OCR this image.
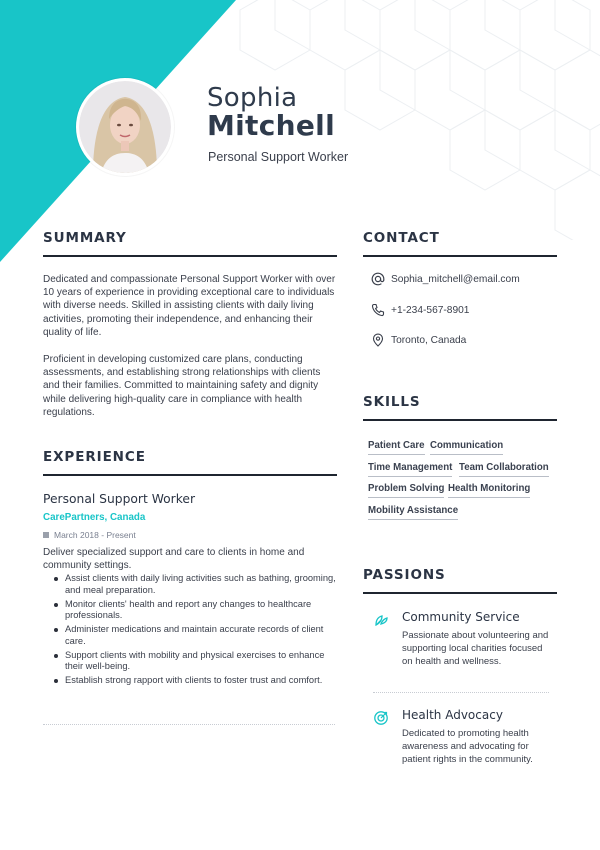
Sophia
Mitchell
Personal Support Worker
SUMMARY
Dedicated and compassionate Personal Support Worker with over 10 years of experience in providing exceptional care to individuals with diverse needs. Skilled in assisting clients with daily living activities, promoting their independence, and enhancing their quality of life.
Proficient in developing customized care plans, conducting assessments, and establishing strong relationships with clients and their families. Committed to maintaining safety and dignity while delivering high-quality care in compliance with health regulations.
EXPERIENCE
Personal Support Worker
CarePartners, Canada
March 2018 - Present
Deliver specialized support and care to clients in home and community settings.
Assist clients with daily living activities such as bathing, grooming, and meal preparation.
Monitor clients' health and report any changes to healthcare professionals.
Administer medications and maintain accurate records of client care.
Support clients with mobility and physical exercises to enhance their well-being.
Establish strong rapport with clients to foster trust and comfort.
CONTACT
Sophia_mitchell@email.com
+1-234-567-8901
Toronto, Canada
SKILLS
Patient Care Communication
Time Management Team Collaboration
Problem Solving Health Monitoring
Mobility Assistance
PASSIONS
Community Service
Passionate about volunteering and supporting local charities focused on health and wellness.
Health Advocacy
Dedicated to promoting health awareness and advocating for patient rights in the community.
